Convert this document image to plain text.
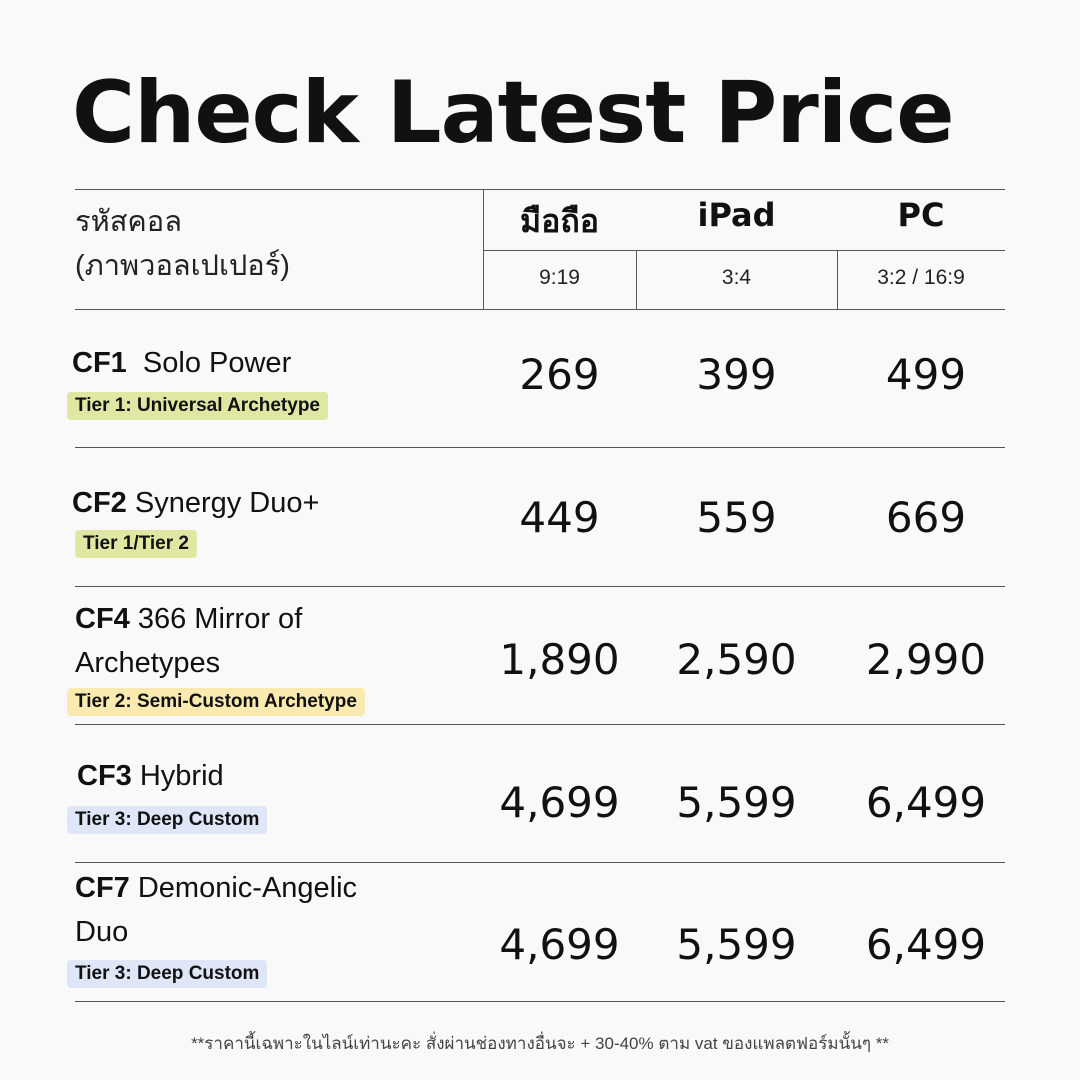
Check Latest Price
รหัสคอล
(ภาพวอลเปเปอร์)
มือถือ	iPad	PC
9:19	3:4	3:2 / 16:9
CF1 Solo Power
Tier 1: Universal Archetype
269	399	499
CF2 Synergy Duo+
Tier 1/Tier 2
449	559	669
CF4 366 Mirror of
Archetypes
Tier 2: Semi-Custom Archetype
1,890	2,590	2,990
CF3 Hybrid
Tier 3: Deep Custom	4,699	5,599	6,499
CF7 Demonic-Angelic
Duo
Tier 3: Deep Custom
4,699	5,599	6,499
**ราคานี้เฉพาะในไลน์เท่านะคะ สั่งผ่านช่องทางอื่นจะ + 30-40% ตาม vat ของแพลตฟอร์มนั้นๆ **
